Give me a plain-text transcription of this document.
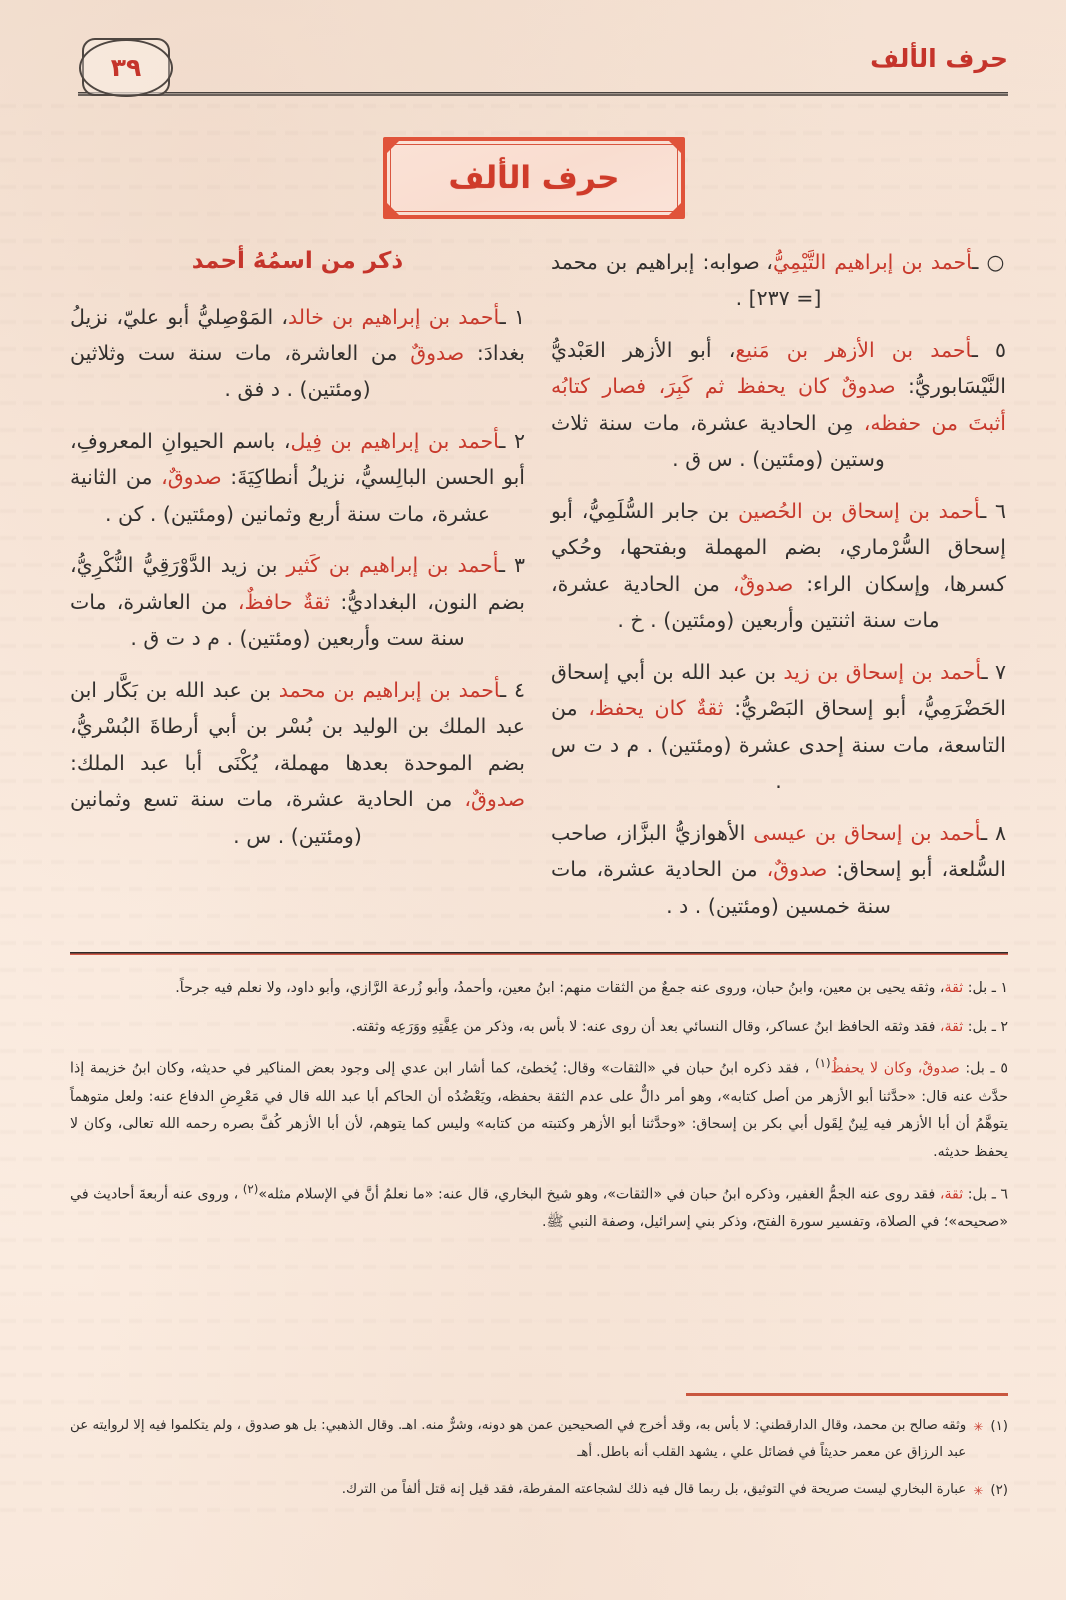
٣٩	حرف الألف
حرف الألف
ذكر من اسمُهُ أحمد
١ ـأحمد بن إبراهيم بن خالد، المَوْصِليُّ أبو عليّ، نزيلُ بغدادَ: صدوقٌ من العاشرة، مات سنة ست وثلاثين (ومئتين) . د فق .
٢ ـأحمد بن إبراهيم بن فِيل، باسم الحيوانِ المعروفِ، أبو الحسن البالِسيُّ، نزيلُ أنطاكِيَةَ: صدوقٌ، من الثانية عشرة، مات سنة أربع وثمانين (ومئتين) . كن .
٣ ـأحمد بن إبراهيم بن كَثير بن زيد الدَّوْرَقِيُّ النُّكْرِيُّ، بضم النون، البغداديُّ: ثقةٌ حافظٌ، من العاشرة، مات سنة ست وأربعين (ومئتين) . م د ت ق .
٤ ـأحمد بن إبراهيم بن محمد بن عبد الله بن بَكَّار ابن عبد الملك بن الوليد بن بُسْر بن أبي أرطاةَ البُسْريُّ، بضم الموحدة بعدها مهملة، يُكْنَى أبا عبد الملك: صدوقٌ، من الحادية عشرة، مات سنة تسع وثمانين (ومئتين) . س .
○ ـأحمد بن إبراهيم التَّيْمِيُّ، صوابه: إبراهيم بن محمد [= ٢٣٧] .
٥ ـأحمد بن الأزهر بن مَنيع، أبو الأزهر العَبْديُّ النَّيْسَابوريُّ: صدوقٌ كان يحفظ ثم كَبِرَ، فصار كتابُه أثبتَ من حفظه، مِن الحادية عشرة، مات سنة ثلاث وستين (ومئتين) . س ق .
٦ ـأحمد بن إسحاق بن الحُصين بن جابر السُّلَمِيُّ، أبو إسحاق السُّرْماري، بضم المهملة وبفتحها، وحُكي كسرها، وإسكان الراء: صدوقٌ، من الحادية عشرة، مات سنة اثنتين وأربعين (ومئتين) . خ .
٧ ـأحمد بن إسحاق بن زيد بن عبد الله بن أبي إسحاق الحَضْرَمِيُّ، أبو إسحاق البَصْريُّ: ثقةٌ كان يحفظ، من التاسعة، مات سنة إحدى عشرة (ومئتين) . م د ت س .
٨ ـأحمد بن إسحاق بن عيسى الأهوازيُّ البزَّاز، صاحب السُّلعة، أبو إسحاق: صدوقٌ، من الحادية عشرة، مات سنة خمسين (ومئتين) . د .
١ ـ بل: ثقة، وثقه يحيى بن معين، وابنُ حبان، وروى عنه جمعٌ من الثقات منهم: ابنُ معين، وأحمدُ، وأبو زُرعة الرَّازي، وأبو داود، ولا نعلم فيه جرحاً.
٢ ـ بل: ثقة، فقد وثقه الحافظ ابنُ عساكر، وقال النسائي بعد أن روى عنه: لا بأس به، وذكر من عِفَّتِهِ ووَرَعِه وثقته.
٥ ـ بل: صدوقٌ، وكان لا يحفظُ$^{(١)}$ ، فقد ذكره ابنُ حبان في «الثقات» وقال: يُخطئ، كما أشار ابن عدي إلى وجود بعض المناكير في حديثه، وكان ابنُ خزيمة إذا حدَّث عنه قال: «حدَّثنا أبو الأزهر من أصل كتابه»، وهو أمر دالٌّ على عدم الثقة بحفظه، ويَعْضُدُه أن الحاكم أبا عبد الله قال في مَعْرِضِ الدفاع عنه: ولعل متوهماً يتوهَّمُ أن أبا الأزهر فيه لِينٌ لِقَول أبي بكر بن إسحاق: «وحدَّثنا أبو الأزهر وكتبته من كتابه» وليس كما يتوهم، لأن أبا الأزهر كُفَّ بصره رحمه الله تعالى، وكان لا يحفظ حديثه.
٦ ـ بل: ثقة، فقد روى عنه الجمُّ الغفير، وذكره ابنُ حبان في «الثقات»، وهو شيخ البخاري، قال عنه: «ما نعلمُ أنَّ في الإسلام مثله»$^{(٢)}$ ، وروى عنه أربعةَ أحاديث في «صحيحه»؛ في الصلاة، وتفسير سورة الفتح، وذكر بني إسرائيل، وصفة النبي ﷺ.
(١)
✳
وثقه صالح بن محمد، وقال الدارقطني: لا بأس به، وقد أخرج في الصحيحين عمن هو دونه، وشرٌّ منه. اهـ. وقال الذهبي: بل هو صدوق ، ولم يتكلموا فيه إلا لروايته عن عبد الرزاق عن معمر حديثاً في فضائل علي ، يشهد القلب أنه باطل. أهـ
(٢)
✳
عبارة البخاري ليست صريحة في التوثيق، بل ربما قال فيه ذلك لشجاعته المفرطة، فقد قيل إنه قتل ألفاً من الترك.
